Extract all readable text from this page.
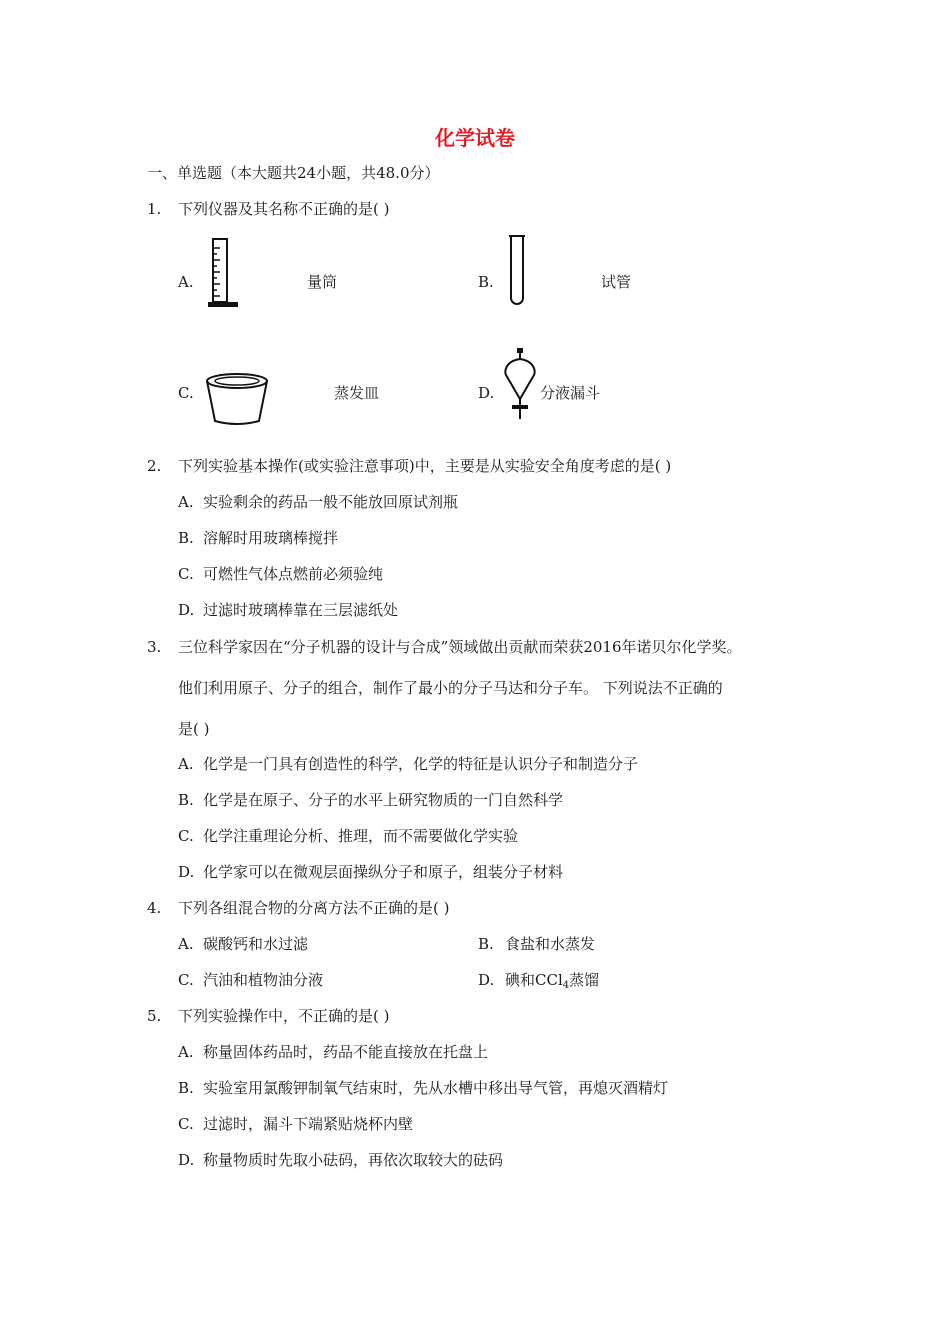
化学试卷
一、单选题（本大题共24小题，共48.0分）
1. 下列仪器及其名称不正确的是( )
A.	量筒	B.	试管
C.	蒸发皿	D.	分液漏斗
2. 下列实验基本操作(或实验注意事项)中，主要是从实验安全角度考虑的是( )
A. 实验剩余的药品一般不能放回原试剂瓶
B. 溶解时用玻璃棒搅拌
C. 可燃性气体点燃前必须验纯
D. 过滤时玻璃棒靠在三层滤纸处
3. 三位科学家因在“分子机器的设计与合成”领域做出贡献而荣获2016年诺贝尔化学奖。
他们利用原子、分子的组合，制作了最小的分子马达和分子车。 下列说法不正确的
是( )
A. 化学是一门具有创造性的科学，化学的特征是认识分子和制造分子
B. 化学是在原子、分子的水平上研究物质的一门自然科学
C. 化学注重理论分析、推理，而不需要做化学实验
D. 化学家可以在微观层面操纵分子和原子，组装分子材料
4. 下列各组混合物的分离方法不正确的是( )
A. 碳酸钙和水过滤	B. 食盐和水蒸发
C. 汽油和植物油分液	D. 碘和CCl$_4$蒸馏
5. 下列实验操作中，不正确的是( )
A. 称量固体药品时，药品不能直接放在托盘上
B. 实验室用氯酸钾制氧气结束时，先从水槽中移出导气管，再熄灭酒精灯
C. 过滤时，漏斗下端紧贴烧杯内壁
D. 称量物质时先取小砝码，再依次取较大的砝码
